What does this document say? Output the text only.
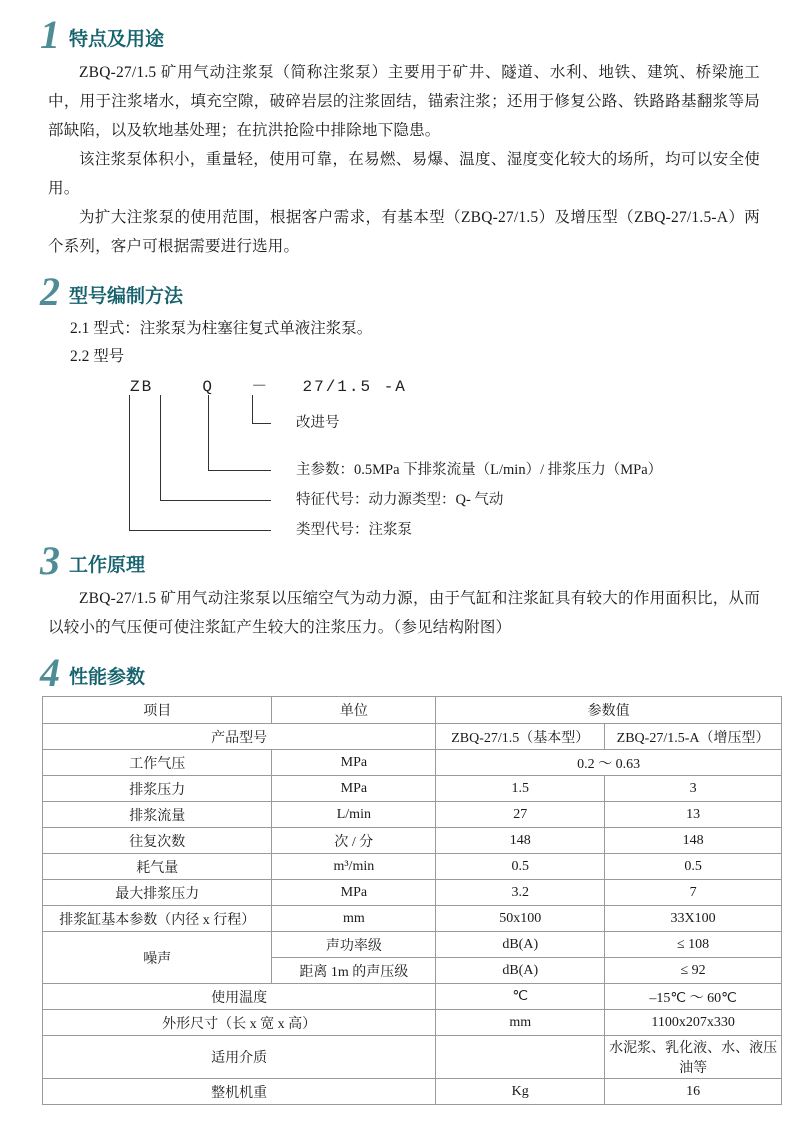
1 特点及用途

ZBQ-27/1.5 矿用气动注浆泵（简称注浆泵）主要用于矿井、隧道、水利、地铁、建筑、桥梁施工中，用于注浆堵水，填充空隙，破碎岩层的注浆固结，锚索注浆；还用于修复公路、铁路路基翻浆等局部缺陷，以及软地基处理；在抗洪抢险中排除地下隐患。

该注浆泵体积小，重量轻，使用可靠，在易燃、易爆、温度、湿度变化较大的场所，均可以安全使用。

为扩大注浆泵的使用范围，根据客户需求，有基本型（ZBQ-27/1.5）及增压型（ZBQ-27/1.5-A）两个系列，客户可根据需要进行选用。

2 型号编制方法
2.1 型式：注浆泵为柱塞往复式单液注浆泵。
2.2 型号
ZB	Q － 27/1.5 -A
改进号
主参数：0.5MPa 下排浆流量（L/min）/ 排浆压力（MPa）
特征代号：动力源类型：Q- 气动
类型代号：注浆泵
3 工作原理

ZBQ-27/1.5 矿用气动注浆泵以压缩空气为动力源，由于气缸和注浆缸具有较大的作用面积比，从而以较小的气压便可使注浆缸产生较大的注浆压力。（参见结构附图）

4 性能参数
项目	单位	参数值	
产品型号		ZBQ-27/1.5（基本型）	ZBQ-27/1.5-A（增压型）
工作气压	MPa	0.2 ～ 0.63	
排浆压力	MPa	1.5	3
排浆流量	L/min	27	13
往复次数	次 / 分	148	148
耗气量	m³/min	0.5	0.5
最大排浆压力	MPa	3.2	7
排浆缸基本参数（内径 x 行程）	mm	50x100	33X100
噪声	声功率级	dB(A)	≤ 108
	距离 1m 的声压级	dB(A)	≤ 92
使用温度		℃	–15℃ ～ 60℃
外形尺寸（长 x 宽 x 高）		mm	1100x207x330
适用介质			水泥浆、乳化液、水、液压油等
整机机重		Kg	16
